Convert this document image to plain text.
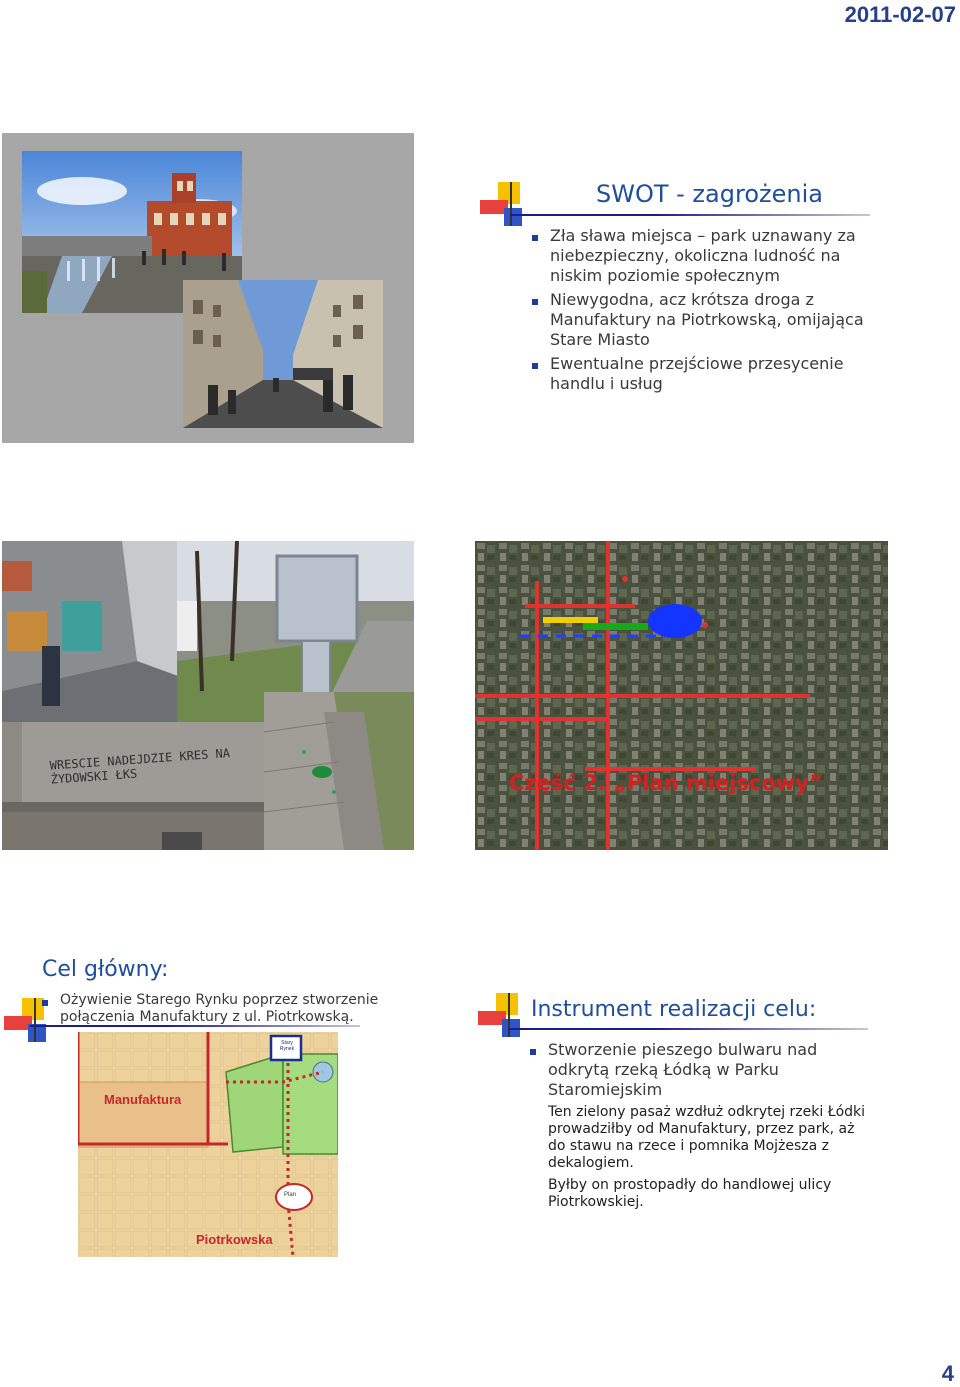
2011-02-07
4
SWOT - zagrożenia
Zła sława miejsca – park uznawany za niebezpieczny, okoliczna ludność na niskim poziomie społecznym
Niewygodna, acz krótsza droga z Manufaktury na Piotrkowską, omijająca Stare Miasto
Ewentualne przejściowe przesycenie handlu i usług
WRESCIE NADEJDZIE KRES NA ŻYDOWSKI ŁKS	Część 2. „Plan miejscowy”
Cel główny:
Ożywienie Starego Rynku poprzez stworzenie połączenia Manufaktury z ul. Piotrkowską.
Manufaktura
Piotrkowska
Stary Rynek
Plan
Instrument realizacji celu:
Stworzenie pieszego bulwaru nad odkrytą rzeką Łódką w Parku Staromiejskim
Ten zielony pasaż wzdłuż odkrytej rzeki Łódki prowadziłby od Manufaktury, przez park, aż do stawu na rzece i pomnika Mojżesza z dekalogiem.
Byłby on prostopadły do handlowej ulicy Piotrkowskiej.
